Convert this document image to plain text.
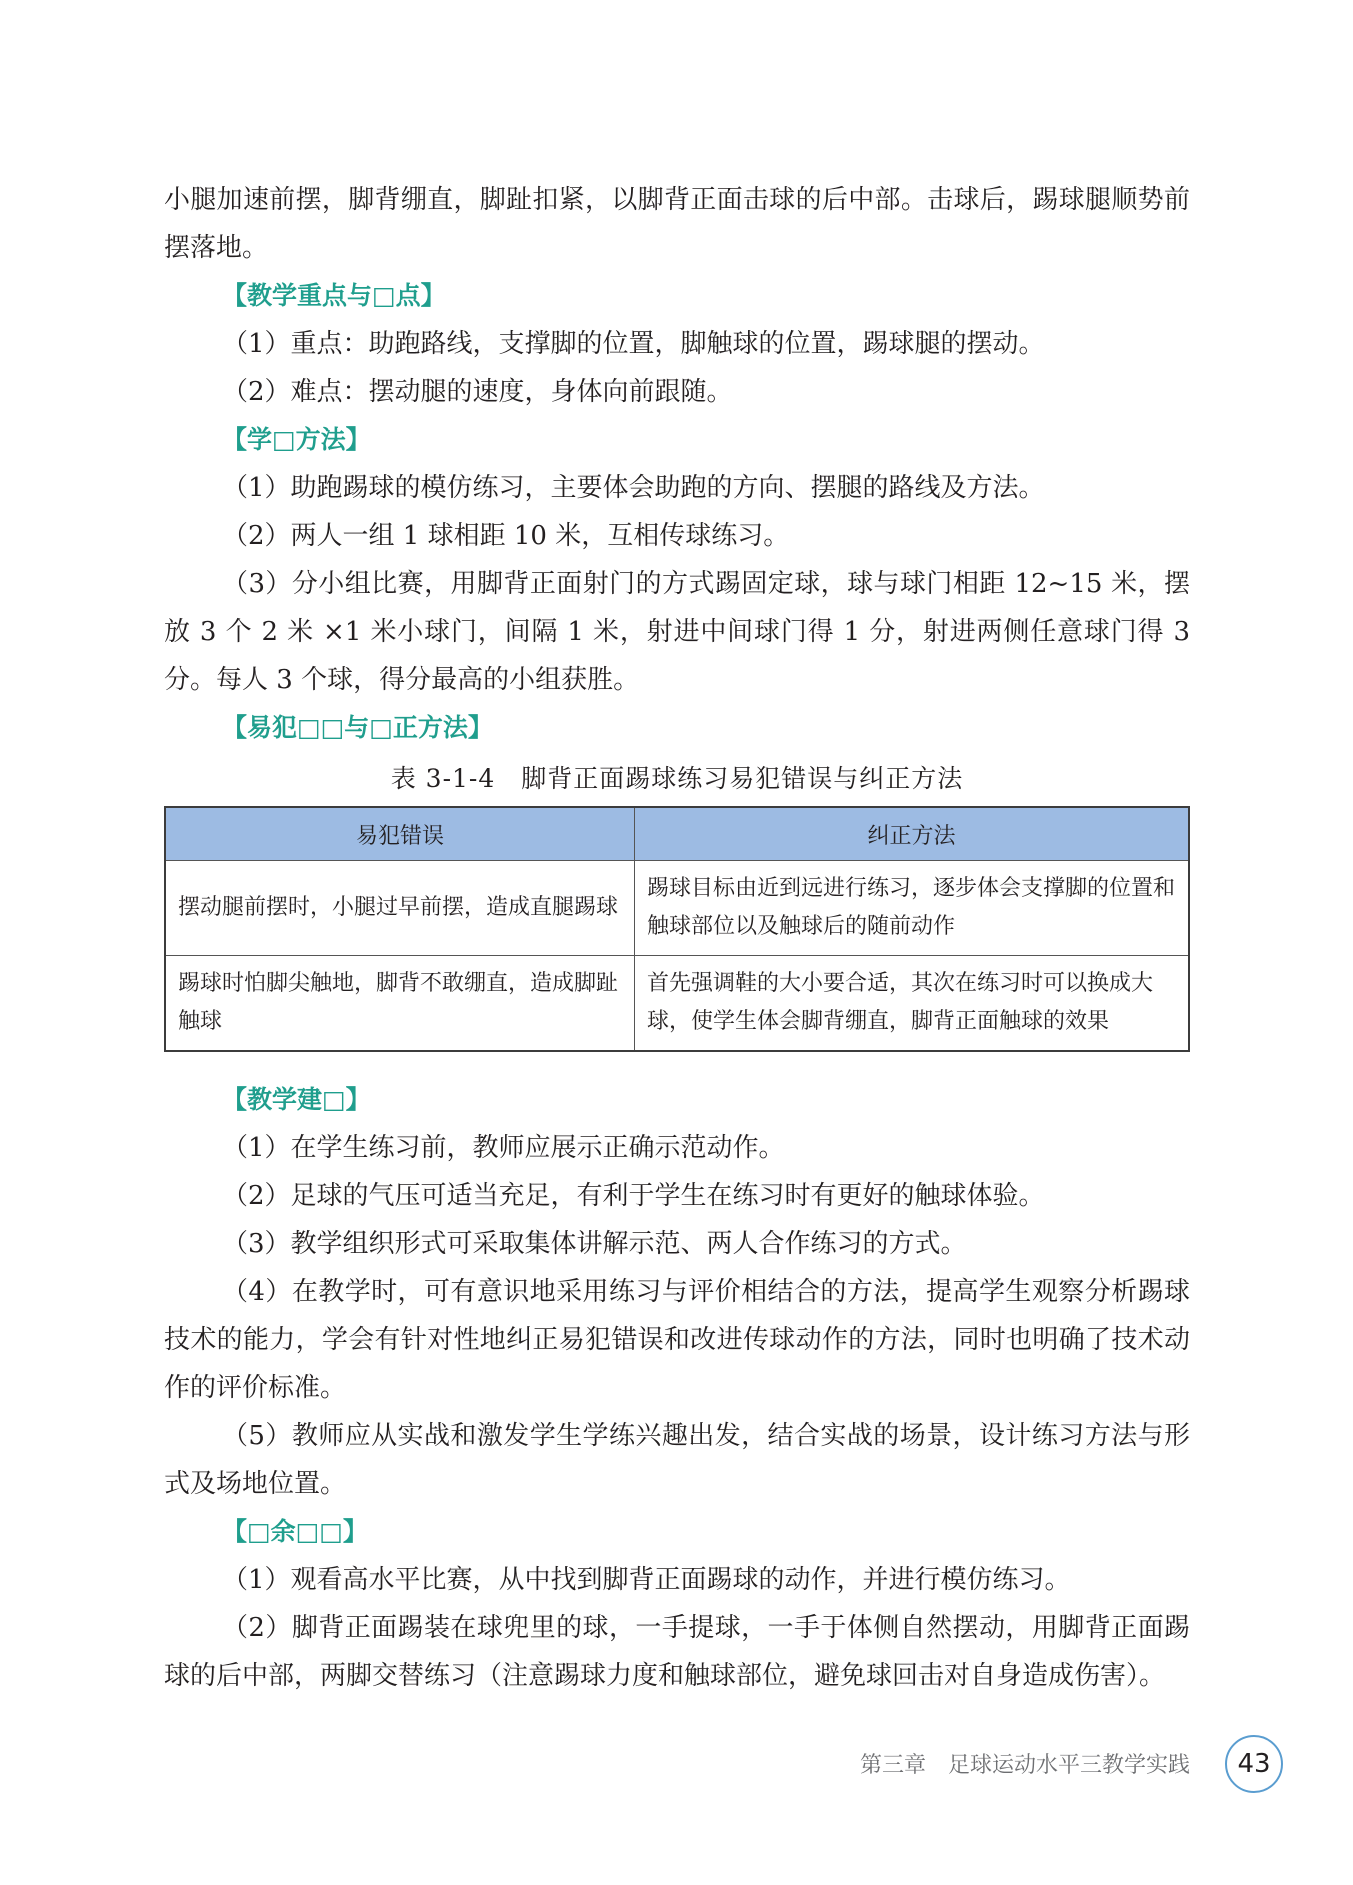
小腿加速前摆，脚背绷直，脚趾扣紧，以脚背正面击球的后中部。击球后，踢球腿顺势前摆落地。

【教学重点与□点】

（1）重点：助跑路线，支撑脚的位置，脚触球的位置，踢球腿的摆动。

（2）难点：摆动腿的速度，身体向前跟随。

【学□方法】

（1）助跑踢球的模仿练习，主要体会助跑的方向、摆腿的路线及方法。

（2）两人一组 1 球相距 10 米，互相传球练习。

（3）分小组比赛，用脚背正面射门的方式踢固定球，球与球门相距 12~15 米，摆放 3 个 2 米 ×1 米小球门，间隔 1 米，射进中间球门得 1 分，射进两侧任意球门得 3 分。每人 3 个球，得分最高的小组获胜。

【易犯□□与□正方法】

表 3-1-4　脚背正面踢球练习易犯错误与纠正方法

易犯错误	纠正方法
摆动腿前摆时，小腿过早前摆，造成直腿踢球	踢球目标由近到远进行练习，逐步体会支撑脚的位置和触球部位以及触球后的随前动作
踢球时怕脚尖触地，脚背不敢绷直，造成脚趾触球	首先强调鞋的大小要合适，其次在练习时可以换成大球，使学生体会脚背绷直，脚背正面触球的效果

【教学建□】

（1）在学生练习前，教师应展示正确示范动作。

（2）足球的气压可适当充足，有利于学生在练习时有更好的触球体验。

（3）教学组织形式可采取集体讲解示范、两人合作练习的方式。

（4）在教学时，可有意识地采用练习与评价相结合的方法，提高学生观察分析踢球技术的能力，学会有针对性地纠正易犯错误和改进传球动作的方法，同时也明确了技术动作的评价标准。

（5）教师应从实战和激发学生学练兴趣出发，结合实战的场景，设计练习方法与形式及场地位置。

【□余□□】

（1）观看高水平比赛，从中找到脚背正面踢球的动作，并进行模仿练习。

（2）脚背正面踢装在球兜里的球，一手提球，一手于体侧自然摆动，用脚背正面踢球的后中部，两脚交替练习（注意踢球力度和触球部位，避免球回击对自身造成伤害）。

第三章　足球运动水平三教学实践 43
